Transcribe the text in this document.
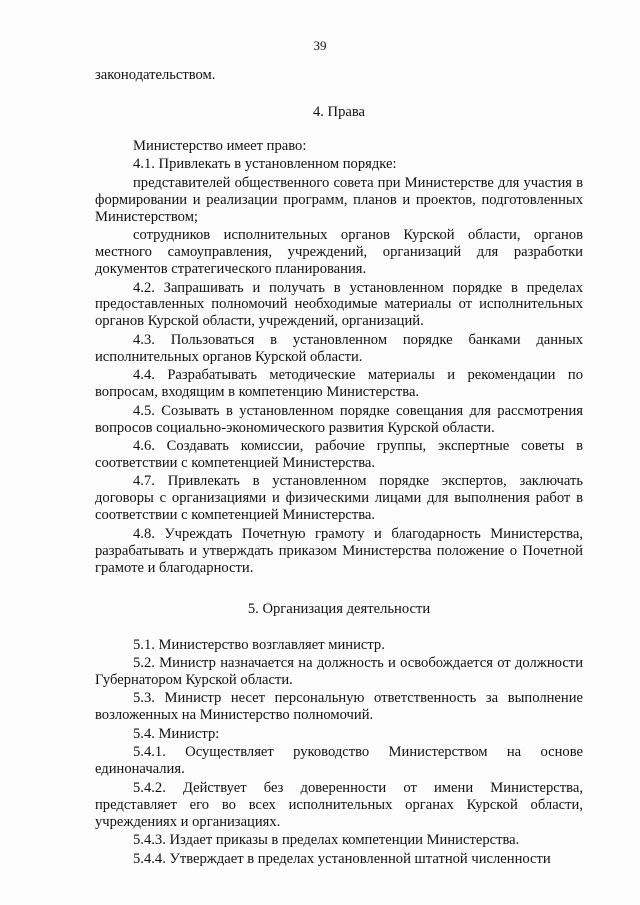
39

законодательством.

4. Права

Министерство имеет право:

4.1. Привлекать в установленном порядке:

представителей общественного совета при Министерстве для участия в формировании и реализации программ, планов и проектов, подготовленных Министерством;

сотрудников исполнительных органов Курской области, органов местного самоуправления, учреждений, организаций для разработки документов стратегического планирования.

4.2. Запрашивать и получать в установленном порядке в пределах предоставленных полномочий необходимые материалы от исполнительных органов Курской области, учреждений, организаций.

4.3. Пользоваться в установленном порядке банками данных исполнительных органов Курской области.

4.4. Разрабатывать методические материалы и рекомендации по вопросам, входящим в компетенцию Министерства.

4.5. Созывать в установленном порядке совещания для рассмотрения вопросов социально-экономического развития Курской области.

4.6. Создавать комиссии, рабочие группы, экспертные советы в соответствии с компетенцией Министерства.

4.7. Привлекать в установленном порядке экспертов, заключать договоры с организациями и физическими лицами для выполнения работ в соответствии с компетенцией Министерства.

4.8. Учреждать Почетную грамоту и благодарность Министерства, разрабатывать и утверждать приказом Министерства положение о Почетной грамоте и благодарности.

5. Организация деятельности

5.1. Министерство возглавляет министр.

5.2. Министр назначается на должность и освобождается от должности Губернатором Курской области.

5.3. Министр несет персональную ответственность за выполнение возложенных на Министерство полномочий.

5.4. Министр:

5.4.1. Осуществляет руководство Министерством на основе единоначалия.

5.4.2. Действует без доверенности от имени Министерства, представляет его во всех исполнительных органах Курской области, учреждениях и организациях.

5.4.3. Издает приказы в пределах компетенции Министерства.

5.4.4. Утверждает в пределах установленной штатной численности
